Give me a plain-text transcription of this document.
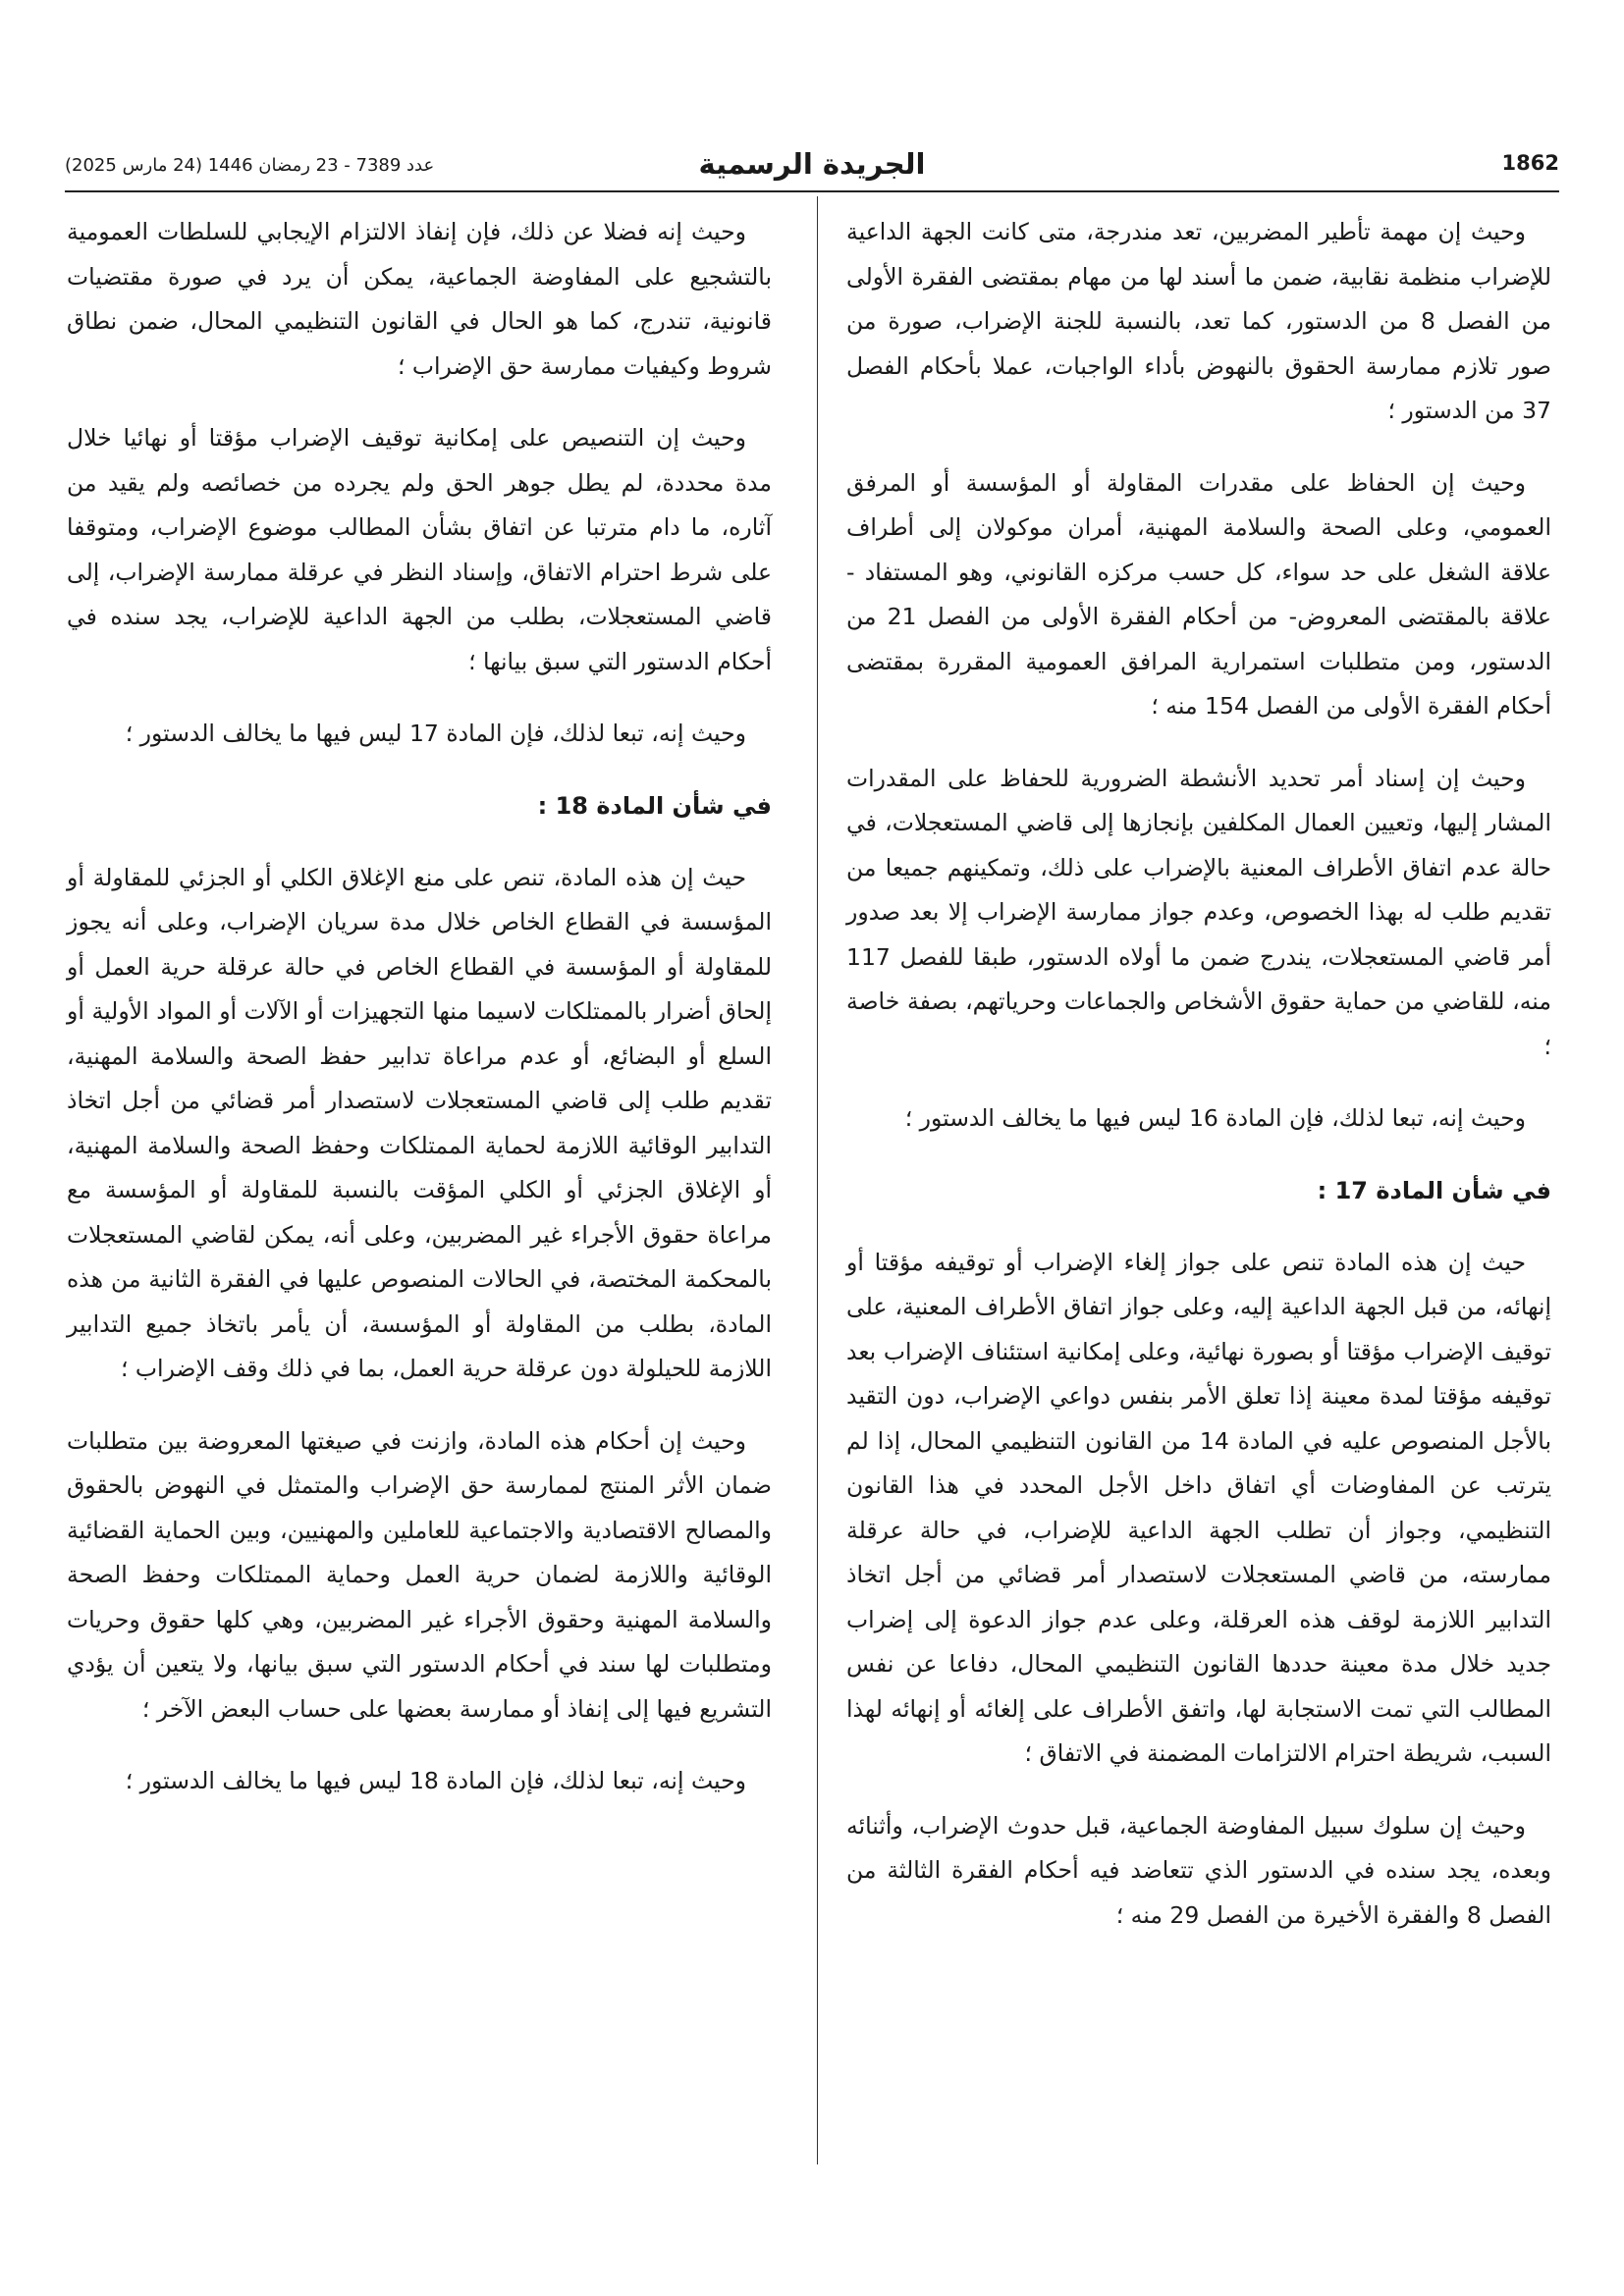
1862
الجريدة الرسمية
عدد 7389 - 23 رمضان 1446 (24 مارس 2025)

وحيث إن مهمة تأطير المضربين، تعد مندرجة، متى كانت الجهة الداعية للإضراب منظمة نقابية، ضمن ما أسند لها من مهام بمقتضى الفقرة الأولى من الفصل 8 من الدستور، كما تعد، بالنسبة للجنة الإضراب، صورة من صور تلازم ممارسة الحقوق بالنهوض بأداء الواجبات، عملا بأحكام الفصل 37 من الدستور ؛

وحيث إن الحفاظ على مقدرات المقاولة أو المؤسسة أو المرفق العمومي، وعلى الصحة والسلامة المهنية، أمران موكولان إلى أطراف علاقة الشغل على حد سواء، كل حسب مركزه القانوني، وهو المستفاد - علاقة بالمقتضى المعروض- من أحكام الفقرة الأولى من الفصل 21 من الدستور، ومن متطلبات استمرارية المرافق العمومية المقررة بمقتضى أحكام الفقرة الأولى من الفصل 154 منه ؛

وحيث إن إسناد أمر تحديد الأنشطة الضرورية للحفاظ على المقدرات المشار إليها، وتعيين العمال المكلفين بإنجازها إلى قاضي المستعجلات، في حالة عدم اتفاق الأطراف المعنية بالإضراب على ذلك، وتمكينهم جميعا من تقديم طلب له بهذا الخصوص، وعدم جواز ممارسة الإضراب إلا بعد صدور أمر قاضي المستعجلات، يندرج ضمن ما أولاه الدستور، طبقا للفصل 117 منه، للقاضي من حماية حقوق الأشخاص والجماعات وحرياتهم، بصفة خاصة ؛

وحيث إنه، تبعا لذلك، فإن المادة 16 ليس فيها ما يخالف الدستور ؛

في شأن المادة 17 :

حيث إن هذه المادة تنص على جواز إلغاء الإضراب أو توقيفه مؤقتا أو إنهائه، من قبل الجهة الداعية إليه، وعلى جواز اتفاق الأطراف المعنية، على توقيف الإضراب مؤقتا أو بصورة نهائية، وعلى إمكانية استئناف الإضراب بعد توقيفه مؤقتا لمدة معينة إذا تعلق الأمر بنفس دواعي الإضراب، دون التقيد بالأجل المنصوص عليه في المادة 14 من القانون التنظيمي المحال، إذا لم يترتب عن المفاوضات أي اتفاق داخل الأجل المحدد في هذا القانون التنظيمي، وجواز أن تطلب الجهة الداعية للإضراب، في حالة عرقلة ممارسته، من قاضي المستعجلات لاستصدار أمر قضائي من أجل اتخاذ التدابير اللازمة لوقف هذه العرقلة، وعلى عدم جواز الدعوة إلى إضراب جديد خلال مدة معينة حددها القانون التنظيمي المحال، دفاعا عن نفس المطالب التي تمت الاستجابة لها، واتفق الأطراف على إلغائه أو إنهائه لهذا السبب، شريطة احترام الالتزامات المضمنة في الاتفاق ؛

وحيث إن سلوك سبيل المفاوضة الجماعية، قبل حدوث الإضراب، وأثنائه وبعده، يجد سنده في الدستور الذي تتعاضد فيه أحكام الفقرة الثالثة من الفصل 8 والفقرة الأخيرة من الفصل 29 منه ؛

وحيث إنه فضلا عن ذلك، فإن إنفاذ الالتزام الإيجابي للسلطات العمومية بالتشجيع على المفاوضة الجماعية، يمكن أن يرد في صورة مقتضيات قانونية، تندرج، كما هو الحال في القانون التنظيمي المحال، ضمن نطاق شروط وكيفيات ممارسة حق الإضراب ؛

وحيث إن التنصيص على إمكانية توقيف الإضراب مؤقتا أو نهائيا خلال مدة محددة، لم يطل جوهر الحق ولم يجرده من خصائصه ولم يقيد من آثاره، ما دام مترتبا عن اتفاق بشأن المطالب موضوع الإضراب، ومتوقفا على شرط احترام الاتفاق، وإسناد النظر في عرقلة ممارسة الإضراب، إلى قاضي المستعجلات، بطلب من الجهة الداعية للإضراب، يجد سنده في أحكام الدستور التي سبق بيانها ؛

وحيث إنه، تبعا لذلك، فإن المادة 17 ليس فيها ما يخالف الدستور ؛

في شأن المادة 18 :

حيث إن هذه المادة، تنص على منع الإغلاق الكلي أو الجزئي للمقاولة أو المؤسسة في القطاع الخاص خلال مدة سريان الإضراب، وعلى أنه يجوز للمقاولة أو المؤسسة في القطاع الخاص في حالة عرقلة حرية العمل أو إلحاق أضرار بالممتلكات لاسيما منها التجهيزات أو الآلات أو المواد الأولية أو السلع أو البضائع، أو عدم مراعاة تدابير حفظ الصحة والسلامة المهنية، تقديم طلب إلى قاضي المستعجلات لاستصدار أمر قضائي من أجل اتخاذ التدابير الوقائية اللازمة لحماية الممتلكات وحفظ الصحة والسلامة المهنية، أو الإغلاق الجزئي أو الكلي المؤقت بالنسبة للمقاولة أو المؤسسة مع مراعاة حقوق الأجراء غير المضربين، وعلى أنه، يمكن لقاضي المستعجلات بالمحكمة المختصة، في الحالات المنصوص عليها في الفقرة الثانية من هذه المادة، بطلب من المقاولة أو المؤسسة، أن يأمر باتخاذ جميع التدابير اللازمة للحيلولة دون عرقلة حرية العمل، بما في ذلك وقف الإضراب ؛

وحيث إن أحكام هذه المادة، وازنت في صيغتها المعروضة بين متطلبات ضمان الأثر المنتج لممارسة حق الإضراب والمتمثل في النهوض بالحقوق والمصالح الاقتصادية والاجتماعية للعاملين والمهنيين، وبين الحماية القضائية الوقائية واللازمة لضمان حرية العمل وحماية الممتلكات وحفظ الصحة والسلامة المهنية وحقوق الأجراء غير المضربين، وهي كلها حقوق وحريات ومتطلبات لها سند في أحكام الدستور التي سبق بيانها، ولا يتعين أن يؤدي التشريع فيها إلى إنفاذ أو ممارسة بعضها على حساب البعض الآخر ؛

وحيث إنه، تبعا لذلك، فإن المادة 18 ليس فيها ما يخالف الدستور ؛
